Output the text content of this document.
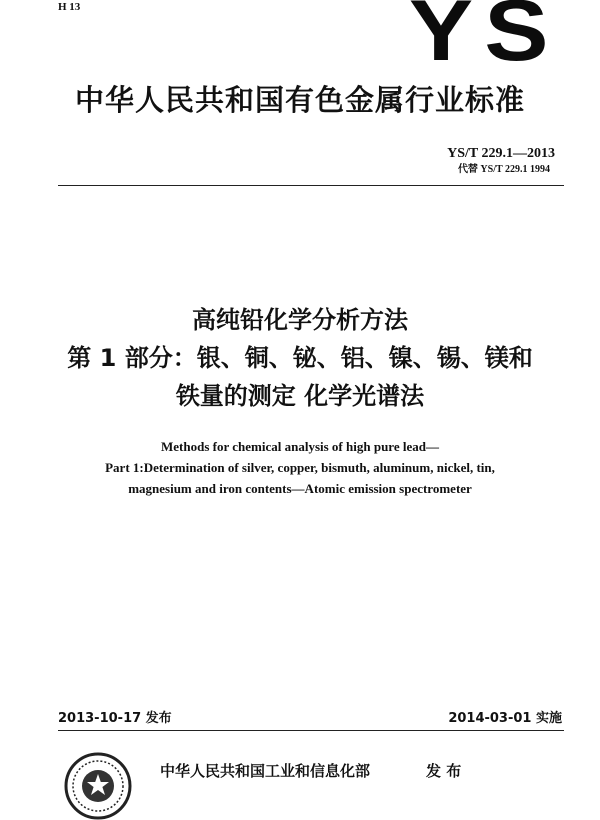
H 13	YS
中华人民共和国有色金属行业标准
YS/T 229.1—2013
代替 YS/T 229.1 1994
高纯铅化学分析方法
第 1 部分：银、铜、铋、铝、镍、锡、镁和
铁量的测定 化学光谱法
Methods for chemical analysis of high pure lead—
Part 1:Determination of silver, copper, bismuth, aluminum, nickel, tin,
magnesium and iron contents—Atomic emission spectrometer
2013-10-17 发布	2014-03-01 实施
中华人民共和国工业和信息化部	发 布
